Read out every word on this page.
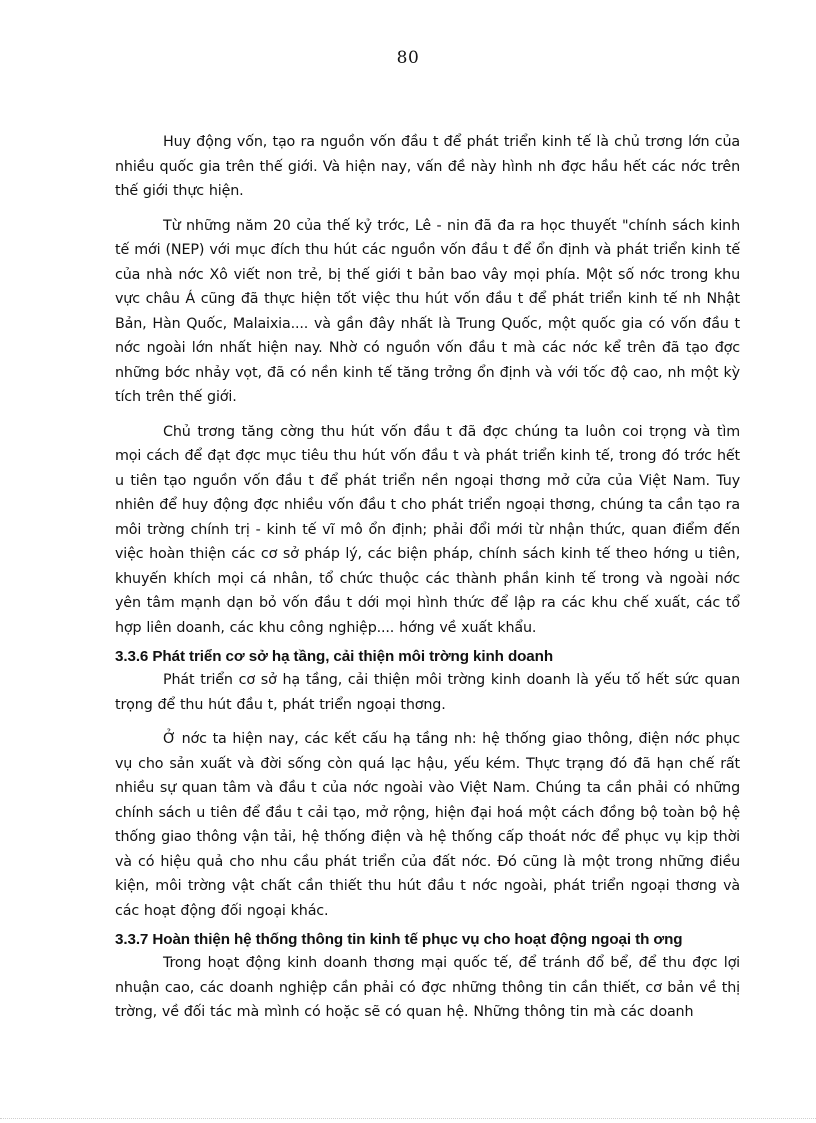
80

Huy động vốn, tạo ra nguồn vốn đầu t để phát triển kinh tế là chủ trơng lớn của nhiều quốc gia trên thế giới. Và hiện nay, vấn đề này hình nh đợc hầu hết các nớc trên thế giới thực hiện.

Từ những năm 20 của thế kỷ trớc, Lê - nin đã đa ra học thuyết "chính sách kinh tế mới (NEP) với mục đích thu hút các nguồn vốn đầu t để ổn định và phát triển kinh tế của nhà nớc Xô viết non trẻ, bị thế giới t bản bao vây mọi phía. Một số nớc trong khu vực châu Á cũng đã thực hiện tốt việc thu hút vốn đầu t để phát triển kinh tế nh Nhật Bản, Hàn Quốc, Malaixia.... và gần đây nhất là Trung Quốc, một quốc gia có vốn đầu t nớc ngoài lớn nhất hiện nay. Nhờ có nguồn vốn đầu t mà các nớc kể trên đã tạo đợc những bớc nhảy vọt, đã có nền kinh tế tăng trởng ổn định và với tốc độ cao, nh một kỳ tích trên thế giới.

Chủ trơng tăng cờng thu hút vốn đầu t đã đợc chúng ta luôn coi trọng và tìm mọi cách để đạt đợc mục tiêu thu hút vốn đầu t và phát triển kinh tế, trong đó trớc hết u tiên tạo nguồn vốn đầu t để phát triển nền ngoại thơng mở cửa của Việt Nam. Tuy nhiên để huy động đợc nhiều vốn đầu t cho phát triển ngoại thơng, chúng ta cần tạo ra môi trờng chính trị - kinh tế vĩ mô ổn định; phải đổi mới từ nhận thức, quan điểm đến việc hoàn thiện các cơ sở pháp lý, các biện pháp, chính sách kinh tế theo hớng u tiên, khuyến khích mọi cá nhân, tổ chức thuộc các thành phần kinh tế trong và ngoài nớc yên tâm mạnh dạn bỏ vốn đầu t dới mọi hình thức để lập ra các khu chế xuất, các tổ hợp liên doanh, các khu công nghiệp.... hớng về xuất khẩu.

3.3.6 Phát triển cơ sở hạ tầng, cải thiện môi trờng kinh doanh

Phát triển cơ sở hạ tầng, cải thiện môi trờng kinh doanh là yếu tố hết sức quan trọng để thu hút đầu t, phát triển ngoại thơng.

Ở nớc ta hiện nay, các kết cấu hạ tầng nh: hệ thống giao thông, điện nớc phục vụ cho sản xuất và đời sống còn quá lạc hậu, yếu kém. Thực trạng đó đã hạn chế rất nhiều sự quan tâm và đầu t của nớc ngoài vào Việt Nam. Chúng ta cần phải có những chính sách u tiên để đầu t cải tạo, mở rộng, hiện đại hoá một cách đồng bộ toàn bộ hệ thống giao thông vận tải, hệ thống điện và hệ thống cấp thoát nớc để phục vụ kịp thời và có hiệu quả cho nhu cầu phát triển của đất nớc. Đó cũng là một trong những điều kiện, môi trờng vật chất cần thiết thu hút đầu t nớc ngoài, phát triển ngoại thơng và các hoạt động đối ngoại khác.

3.3.7 Hoàn thiện hệ thống thông tin kinh tế phục vụ cho hoạt động ngoại th ơng

Trong hoạt động kinh doanh thơng mại quốc tế, để tránh đổ bể, để thu đợc lợi nhuận cao, các doanh nghiệp cần phải có đợc những thông tin cần thiết, cơ bản về thị trờng, về đối tác mà mình có hoặc sẽ có quan hệ. Những thông tin mà các doanh
